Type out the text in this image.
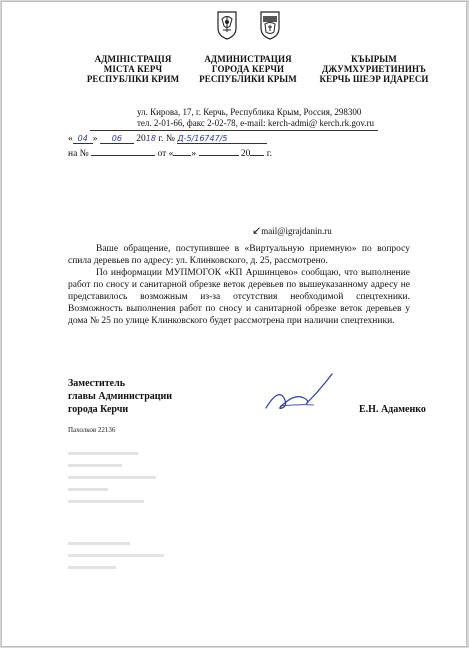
АДМІНІСТРАЦІЯ
МІСТА КЕРЧ
РЕСПУБЛІКИ КРИМ
АДМИНИСТРАЦИЯ
ГОРОДА КЕРЧИ
РЕСПУБЛИКИ КРЫМ
КЪЫРЫМ
ДЖУМХУРИЕТИНИНЪ
КЕРЧЬ ШЕЭР ИДАРЕСИ
ул. Кирова, 17, г. Керчь, Республика Крым, Россия, 298300
тел. 2-01-66, факс 2-02-78, e-mail: kerch-admi@ kerch.rk.gov.ru
« 04 » 06 2018 г. № Д-5/16747/5
на №	от « »	20 г.
↙mail@igrajdanin.ru

Ваше обращение, поступившее в «Виртуальную приемную» по вопросу спила деревьев по адресу: ул. Клинковского, д. 25, рассмотрено.

По информации МУПМОГОК «КП Аршинцево» сообщаю, что выполнение работ по сносу и санитарной обрезке веток деревьев по вышеуказанному адресу не представилось возможным из-за отсутствия необходимой спецтехники. Возможность выполнения работ по сносу и санитарной обрезке веток деревьев у дома № 25 по улице Клинковского будет рассмотрена при наличии спецтехники.

Заместитель
главы Администрации
города Керчи	Е.Н. Адаменко
Пахолков 22136
